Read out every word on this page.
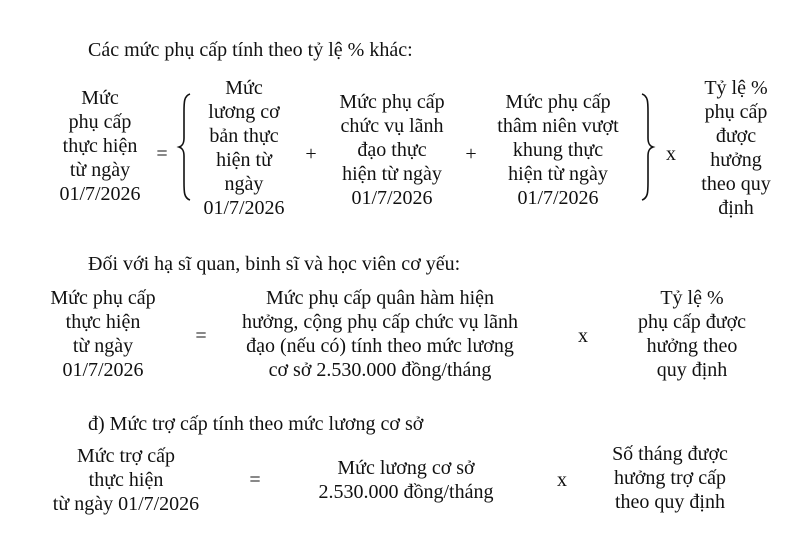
Các mức phụ cấp tính theo tỷ lệ % khác:
Mức
phụ cấp
thực hiện
từ ngày
01/7/2026
=
Mức
lương cơ
bản thực
hiện từ
ngày
01/7/2026
+
Mức phụ cấp
chức vụ lãnh
đạo thực
hiện từ ngày
01/7/2026
+
Mức phụ cấp
thâm niên vượt
khung thực
hiện từ ngày
01/7/2026
x
Tỷ lệ %
phụ cấp
được
hưởng
theo quy
định
Đối với hạ sĩ quan, binh sĩ và học viên cơ yếu:
Mức phụ cấp
thực hiện
từ ngày
01/7/2026
=
Mức phụ cấp quân hàm hiện
hưởng, cộng phụ cấp chức vụ lãnh
đạo (nếu có) tính theo mức lương
cơ sở 2.530.000 đồng/tháng
x
Tỷ lệ %
phụ cấp được
hưởng theo
quy định
đ) Mức trợ cấp tính theo mức lương cơ sở
Mức trợ cấp
thực hiện
từ ngày 01/7/2026
=
Mức lương cơ sở
2.530.000 đồng/tháng
x
Số tháng được
hưởng trợ cấp
theo quy định
